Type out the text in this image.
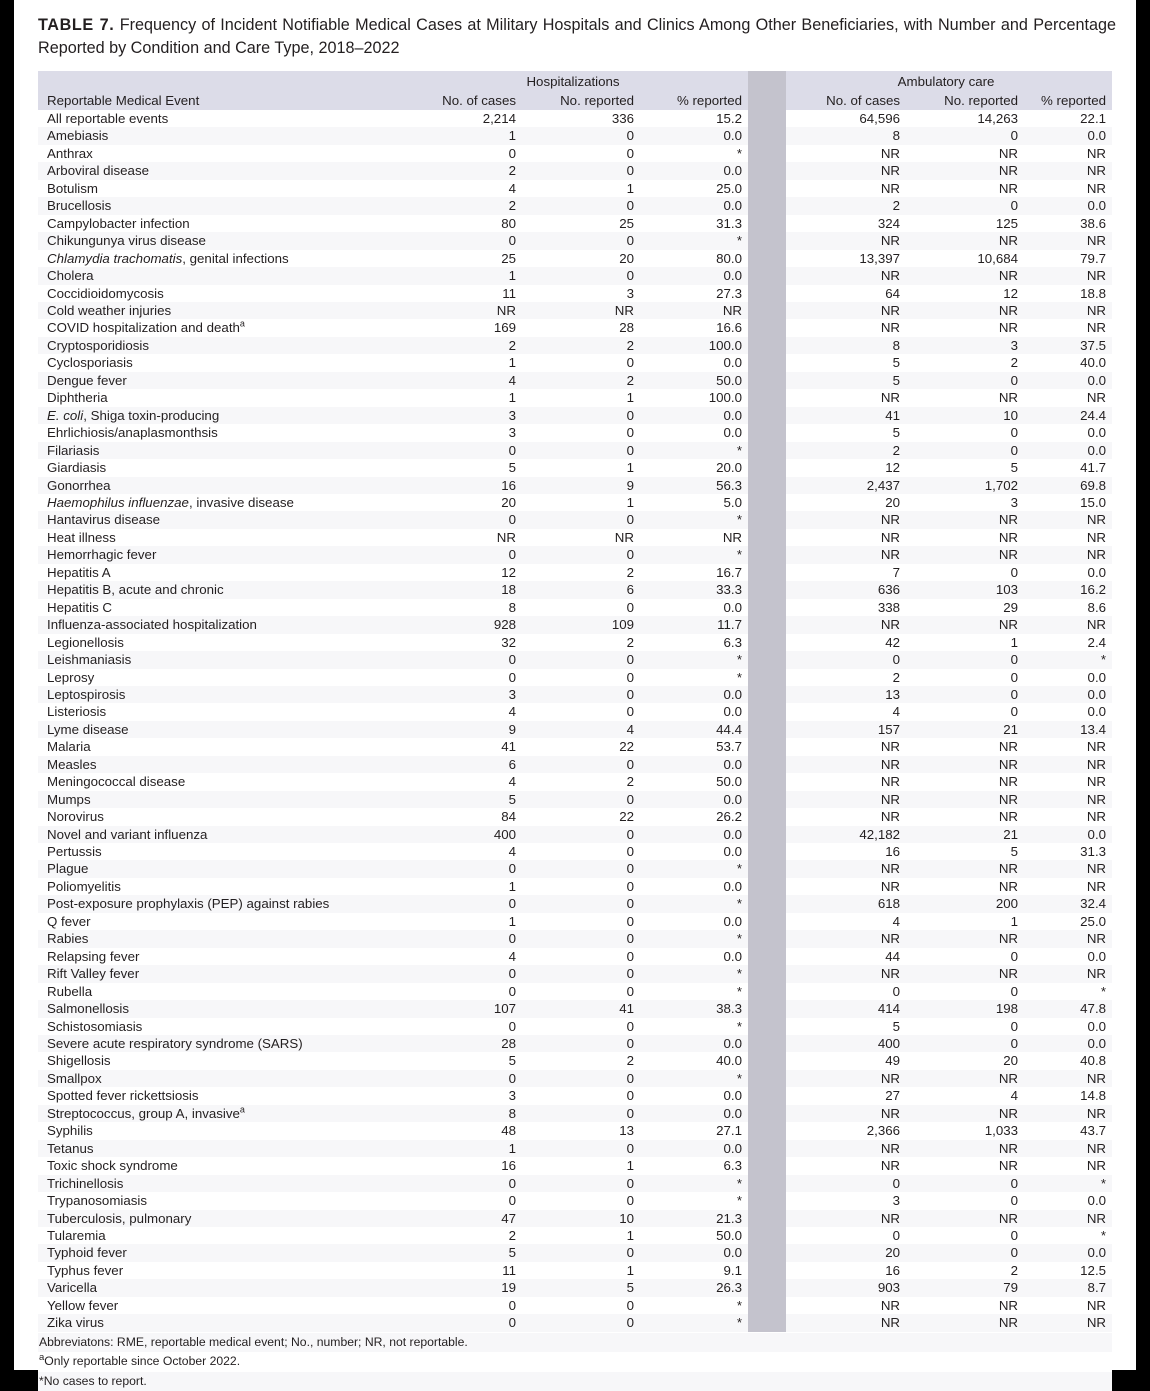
TABLE 7. Frequency of Incident Notifiable Medical Cases at Military Hospitals and Clinics Among Other Beneficiaries, with Number and Percentage Reported by Condition and Care Type, 2018–2022

	Hospitalizations				Ambulatory care		
Reportable Medical Event	No. of cases	No. reported	% reported		No. of cases	No. reported	% reported
All reportable events	2,214	336	15.2		64,596	14,263	22.1
Amebiasis	1	0	0.0		8	0	0.0
Anthrax	0	0	*		NR	NR	NR
Arboviral disease	2	0	0.0		NR	NR	NR
Botulism	4	1	25.0		NR	NR	NR
Brucellosis	2	0	0.0		2	0	0.0
Campylobacter infection	80	25	31.3		324	125	38.6
Chikungunya virus disease	0	0	*		NR	NR	NR
Chlamydia trachomatis, genital infections	25	20	80.0		13,397	10,684	79.7
Cholera	1	0	0.0		NR	NR	NR
Coccidioidomycosis	11	3	27.3		64	12	18.8
Cold weather injuries	NR	NR	NR		NR	NR	NR
COVID hospitalization and death$^a$	169	28	16.6		NR	NR	NR
Cryptosporidiosis	2	2	100.0		8	3	37.5
Cyclosporiasis	1	0	0.0		5	2	40.0
Dengue fever	4	2	50.0		5	0	0.0
Diphtheria	1	1	100.0		NR	NR	NR
E. coli, Shiga toxin-producing	3	0	0.0		41	10	24.4
Ehrlichiosis/anaplasmonthsis	3	0	0.0		5	0	0.0
Filariasis	0	0	*		2	0	0.0
Giardiasis	5	1	20.0		12	5	41.7
Gonorrhea	16	9	56.3		2,437	1,702	69.8
Haemophilus influenzae, invasive disease	20	1	5.0		20	3	15.0
Hantavirus disease	0	0	*		NR	NR	NR
Heat illness	NR	NR	NR		NR	NR	NR
Hemorrhagic fever	0	0	*		NR	NR	NR
Hepatitis A	12	2	16.7		7	0	0.0
Hepatitis B, acute and chronic	18	6	33.3		636	103	16.2
Hepatitis C	8	0	0.0		338	29	8.6
Influenza-associated hospitalization	928	109	11.7		NR	NR	NR
Legionellosis	32	2	6.3		42	1	2.4
Leishmaniasis	0	0	*		0	0	*
Leprosy	0	0	*		2	0	0.0
Leptospirosis	3	0	0.0		13	0	0.0
Listeriosis	4	0	0.0		4	0	0.0
Lyme disease	9	4	44.4		157	21	13.4
Malaria	41	22	53.7		NR	NR	NR
Measles	6	0	0.0		NR	NR	NR
Meningococcal disease	4	2	50.0		NR	NR	NR
Mumps	5	0	0.0		NR	NR	NR
Norovirus	84	22	26.2		NR	NR	NR
Novel and variant influenza	400	0	0.0		42,182	21	0.0
Pertussis	4	0	0.0		16	5	31.3
Plague	0	0	*		NR	NR	NR
Poliomyelitis	1	0	0.0		NR	NR	NR
Post-exposure prophylaxis (PEP) against rabies	0	0	*		618	200	32.4
Q fever	1	0	0.0		4	1	25.0
Rabies	0	0	*		NR	NR	NR
Relapsing fever	4	0	0.0		44	0	0.0
Rift Valley fever	0	0	*		NR	NR	NR
Rubella	0	0	*		0	0	*
Salmonellosis	107	41	38.3		414	198	47.8
Schistosomiasis	0	0	*		5	0	0.0
Severe acute respiratory syndrome (SARS)	28	0	0.0		400	0	0.0
Shigellosis	5	2	40.0		49	20	40.8
Smallpox	0	0	*		NR	NR	NR
Spotted fever rickettsiosis	3	0	0.0		27	4	14.8
Streptococcus, group A, invasive$^a$	8	0	0.0		NR	NR	NR
Syphilis	48	13	27.1		2,366	1,033	43.7
Tetanus	1	0	0.0		NR	NR	NR
Toxic shock syndrome	16	1	6.3		NR	NR	NR
Trichinellosis	0	0	*		0	0	*
Trypanosomiasis	0	0	*		3	0	0.0
Tuberculosis, pulmonary	47	10	21.3		NR	NR	NR
Tularemia	2	1	50.0		0	0	*
Typhoid fever	5	0	0.0		20	0	0.0
Typhus fever	11	1	9.1		16	2	12.5
Varicella	19	5	26.3		903	79	8.7
Yellow fever	0	0	*		NR	NR	NR
Zika virus	0	0	*		NR	NR	NR
Abbreviatons: RME, reportable medical event; No., number; NR, not reportable.
$^a$Only reportable since October 2022.
*No cases to report.
